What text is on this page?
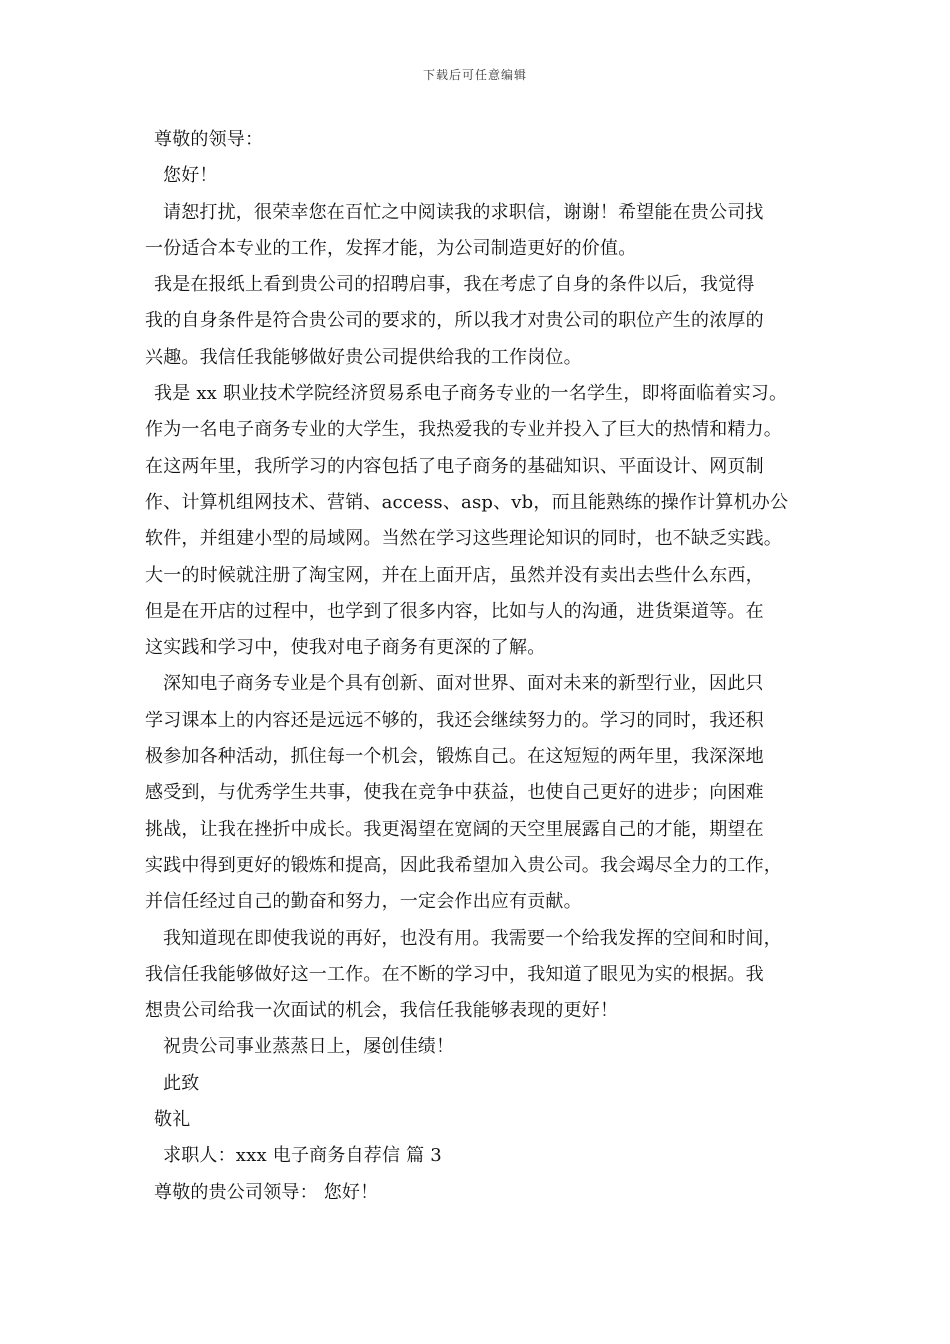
下载后可任意编辑
尊敬的领导：
您好！
请恕打扰，很荣幸您在百忙之中阅读我的求职信，谢谢！希望能在贵公司找
一份适合本专业的工作，发挥才能，为公司制造更好的价值。
我是在报纸上看到贵公司的招聘启事，我在考虑了自身的条件以后，我觉得
我的自身条件是符合贵公司的要求的，所以我才对贵公司的职位产生的浓厚的
兴趣。我信任我能够做好贵公司提供给我的工作岗位。
我是 xx 职业技术学院经济贸易系电子商务专业的一名学生，即将面临着实习。
作为一名电子商务专业的大学生，我热爱我的专业并投入了巨大的热情和精力。
在这两年里，我所学习的内容包括了电子商务的基础知识、平面设计、网页制
作、计算机组网技术、营销、access、asp、vb，而且能熟练的操作计算机办公
软件，并组建小型的局域网。当然在学习这些理论知识的同时，也不缺乏实践。
大一的时候就注册了淘宝网，并在上面开店，虽然并没有卖出去些什么东西，
但是在开店的过程中，也学到了很多内容，比如与人的沟通，进货渠道等。在
这实践和学习中，使我对电子商务有更深的了解。
深知电子商务专业是个具有创新、面对世界、面对未来的新型行业，因此只
学习课本上的内容还是远远不够的，我还会继续努力的。学习的同时，我还积
极参加各种活动，抓住每一个机会，锻炼自己。在这短短的两年里，我深深地
感受到，与优秀学生共事，使我在竞争中获益，也使自己更好的进步；向困难
挑战，让我在挫折中成长。我更渴望在宽阔的天空里展露自己的才能，期望在
实践中得到更好的锻炼和提高，因此我希望加入贵公司。我会竭尽全力的工作，
并信任经过自己的勤奋和努力，一定会作出应有贡献。
我知道现在即使我说的再好，也没有用。我需要一个给我发挥的空间和时间，
我信任我能够做好这一工作。在不断的学习中，我知道了眼见为实的根据。我
想贵公司给我一次面试的机会，我信任我能够表现的更好！
祝贵公司事业蒸蒸日上，屡创佳绩！
此致
敬礼
求职人：xxx 电子商务自荐信 篇 3
尊敬的贵公司领导： 您好！
